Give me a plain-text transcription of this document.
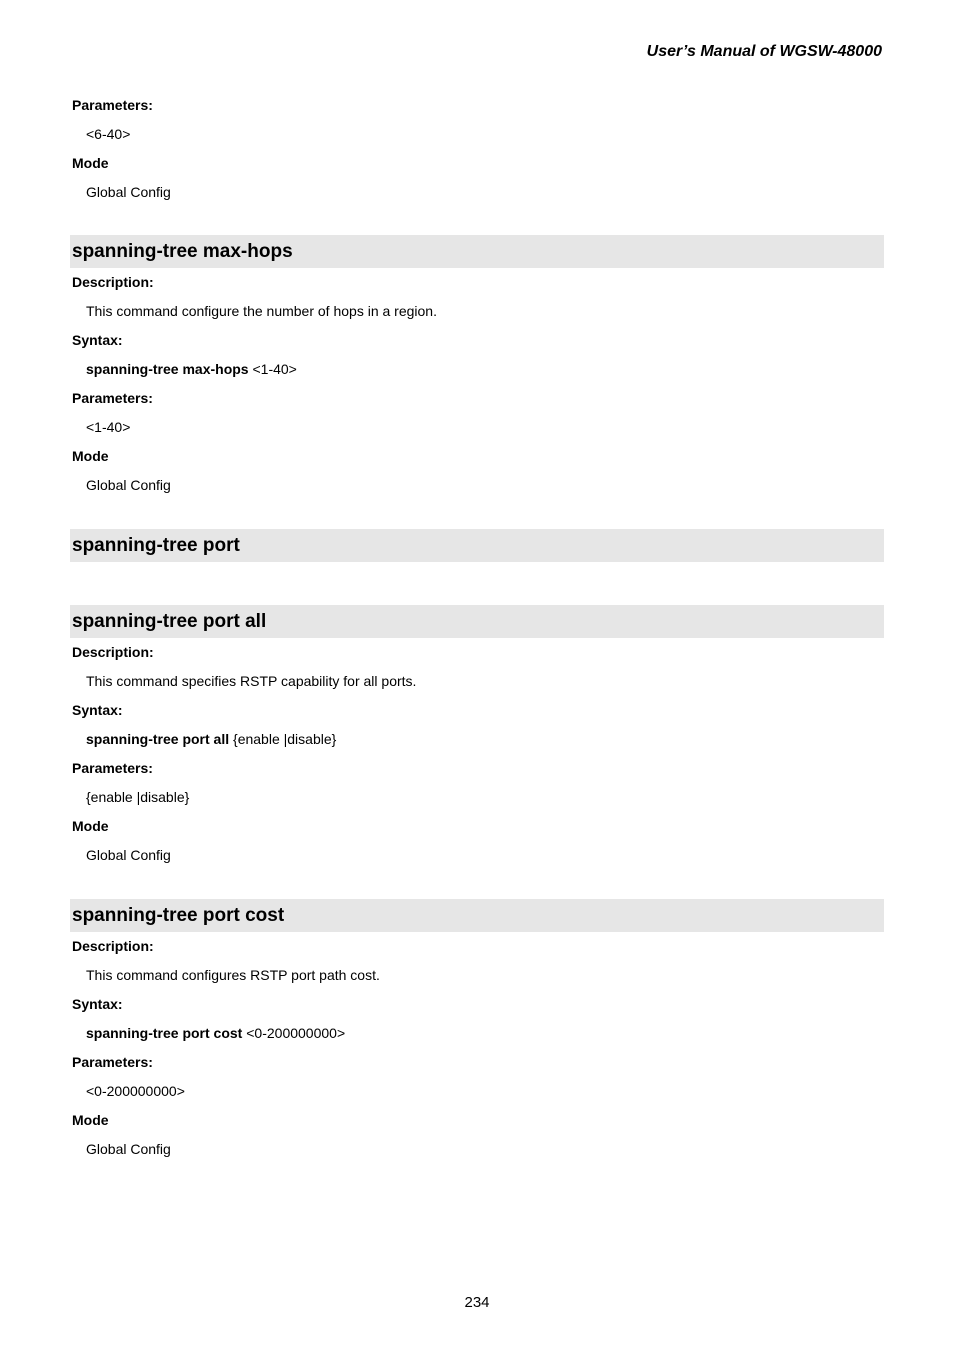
User’s Manual of WGSW-48000
Parameters:
<6-40>
Mode
Global Config
spanning-tree max-hops
Description:
This command configure the number of hops in a region.
Syntax:
spanning-tree max-hops <1-40>
Parameters:
<1-40>
Mode
Global Config
spanning-tree port
spanning-tree port all
Description:
This command specifies RSTP capability for all ports.
Syntax:
spanning-tree port all {enable |disable}
Parameters:
{enable |disable}
Mode
Global Config
spanning-tree port cost
Description:
This command configures RSTP port path cost.
Syntax:
spanning-tree port cost <0-200000000>
Parameters:
<0-200000000>
Mode
Global Config
234
